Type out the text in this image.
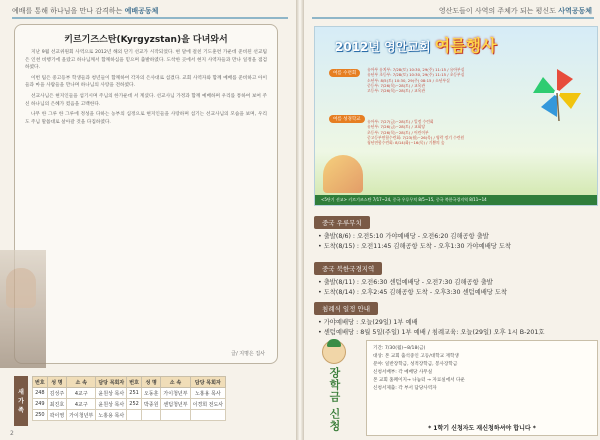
예배를 통해 하나님을 만나 감격하는 예배공동체
키르기즈스탄(Kyrgyzstan)을 다녀와서

지난 9월 선교위원회 사역으로 2012년 해외 단기 선교가 시작되었다. 현 달에 걸친 기도훈련 가운데 준비된 선교팀은 인천 비행기에 올랐고 하나님께서 함께하심을 믿으며 출발하였다. 도착한 곳에서 현지 사역자들과 만나 일정을 점검하였다.

이번 팀은 중고등부 학생들과 청년들이 함께하여 각자의 은사대로 섬겼다. 교회 사역자와 함께 예배를 준비하고 아이들과 마을 사람들을 만나며 하나님의 사랑을 전하였다.

선교사님은 현지인들을 섬기시며 주님의 한가운데 서 계셨다. 선교사님 가정과 함께 예배하며 우리를 통하여 보여 주신 하나님의 은혜가 컸음을 고백한다.

나무 한 그루 한 그루에 정성을 다하는 농부의 심정으로 현지인들을 사랑하며 섬기는 선교사님의 모습을 보며, 우리도 주님 말씀대로 살아갈 것을 다짐하였다.

글/ 지명은 집사
새
가
족
번호	성 명	소 속	담당 목회자	번호	성 명	소 속	담당 목회자
248	김성주	4교구	윤원상 목사	251	오동훈	가이청년부	노홍용 목사
249	최진호	4교구	윤원상 목사	252	박종원	센텀청년부	이경희 전도사
250	곽이영	가이청년부	노홍용 목사				
2
영산도들이 사역의 주체가 되는 평신도 사역공동체
2012년 영안교회 여름행사
여름 수련회
유아부 유치부: 7/28(토) 10:30, 29(주) 11:15 / 유아부실
유년부 초등부: 7/28(토) 10:30, 29(주) 11:15 / 초등부실
소년부: 8/5(토) 10:30, 29(주) 08:15 / 소년부실
중등부: 7/26(목)~28(토) / 교육관
고등부: 7/26(목)~28(토) / 교육관
여름 성경학교	유아부: 7/27(금)~28(토) / 일정 수련회
유년부: 7/26(금)~28(토) / 교회당
초등부: 7/26(목)~28(토) / 어린이부
중고등부연합수련회: 7/23(월)~26(목) / 영락 정기 수련원
청년연합수련회: 8/14(화)~16(목) / 기쁨의 숲
<5단기 선교> 키르기즈스탄 7/17~24, 중국 우루무치 8/5~15, 중국 북한국경지역 8/11~14
중국 우루무치
• 출발(8/6) : 오전5:10 가야예배당 - 오전6:20 김해공항 출발
• 도착(8/15) : 오전11:45 김해공항 도착 - 오후1:30 가야예배당 도착
중국 북한국경지역
• 출발(8/11) : 오전6:30 센텀예배당 - 오전7:30 김해공항 출발
• 도착(8/14) : 오후2:45 김해공항 도착 - 오후3:30 센텀예배당 도착
침례식 일정 안내
• 가야예배당 : 오늘(29일) 1부 예배
• 센텀예배당 : 8월 5일(주일) 1부 예배 / 침례교육: 오늘(29일) 오후 1시 B-201호
장학금 신청
기간: 7/30(월)~8/18(금)
대상: 본 교회 출석중인 고등/대학교 재학생
분야: 일반장학금, 성적장학금, 봉사장학금
신청서배부: 각 예배당 사무실
본 교회 홈페이지→ 나눔터 → 자료실에서 다운
신청서제출: 각 부서 담당사역자
* 1학기 신청자도 재신청하셔야 합니다 *
